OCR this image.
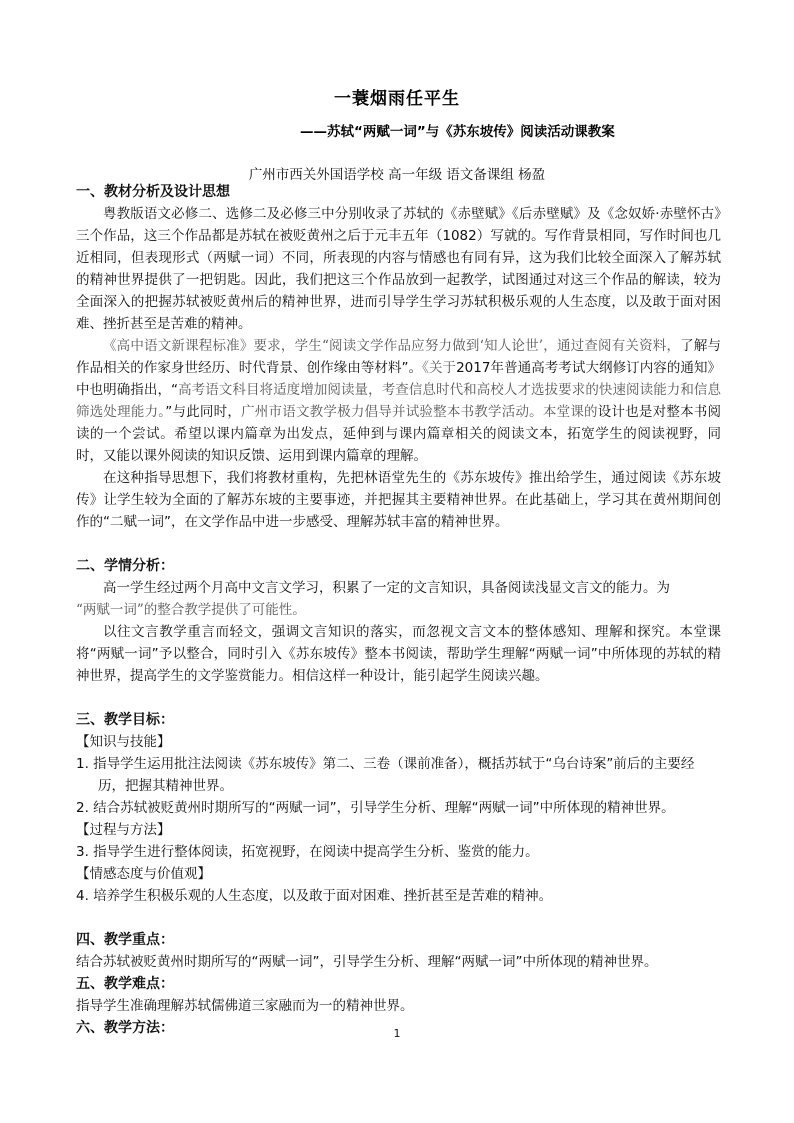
一蓑烟雨任平生
——苏轼“两赋一词”与《苏东坡传》阅读活动课教案
广州市西关外国语学校 高一年级 语文备课组 杨盈

一、教材分析及设计思想

粤教版语文必修二、选修二及必修三中分别收录了苏轼的《赤壁赋》《后赤壁赋》及《念奴娇·赤壁怀古》三个作品，这三个作品都是苏轼在被贬黄州之后于元丰五年（1082）写就的。写作背景相同，写作时间也几近相同，但表现形式（两赋一词）不同，所表现的内容与情感也有同有异，这为我们比较全面深入了解苏轼的精神世界提供了一把钥匙。因此，我们把这三个作品放到一起教学，试图通过对这三个作品的解读，较为全面深入的把握苏轼被贬黄州后的精神世界，进而引导学生学习苏轼积极乐观的人生态度，以及敢于面对困难、挫折甚至是苦难的精神。

《高中语文新课程标准》要求，学生“阅读文学作品应努力做到‘知人论世’，通过查阅有关资料，了解与作品相关的作家身世经历、时代背景、创作缘由等材料”。《关于2017年普通高考考试大纲修订内容的通知》中也明确指出，“高考语文科目将适度增加阅读量，考查信息时代和高校人才选拔要求的快速阅读能力和信息筛选处理能力。”与此同时，广州市语文教学极力倡导并试验整本书教学活动。本堂课的设计也是对整本书阅读的一个尝试。希望以课内篇章为出发点，延伸到与课内篇章相关的阅读文本，拓宽学生的阅读视野，同时，又能以课外阅读的知识反馈、运用到课内篇章的理解。

在这种指导思想下，我们将教材重构，先把林语堂先生的《苏东坡传》推出给学生，通过阅读《苏东坡传》让学生较为全面的了解苏东坡的主要事迹，并把握其主要精神世界。在此基础上，学习其在黄州期间创作的“二赋一词”，在文学作品中进一步感受、理解苏轼丰富的精神世界。

二、学情分析：

高一学生经过两个月高中文言文学习，积累了一定的文言知识，具备阅读浅显文言文的能力。为

“两赋一词”的整合教学提供了可能性。

以往文言教学重言而轻文，强调文言知识的落实，而忽视文言文本的整体感知、理解和探究。本堂课将“两赋一词”予以整合，同时引入《苏东坡传》整本书阅读，帮助学生理解“两赋一词”中所体现的苏轼的精神世界，提高学生的文学鉴赏能力。相信这样一种设计，能引起学生阅读兴趣。

三、教学目标：

【知识与技能】

1. 指导学生运用批注法阅读《苏东坡传》第二、三卷（课前准备），概括苏轼于“乌台诗案”前后的主要经历，把握其精神世界。

2. 结合苏轼被贬黄州时期所写的“两赋一词”，引导学生分析、理解“两赋一词”中所体现的精神世界。

【过程与方法】

3. 指导学生进行整体阅读，拓宽视野，在阅读中提高学生分析、鉴赏的能力。

【情感态度与价值观】

4. 培养学生积极乐观的人生态度，以及敢于面对困难、挫折甚至是苦难的精神。

四、教学重点：

结合苏轼被贬黄州时期所写的“两赋一词”，引导学生分析、理解“两赋一词”中所体现的精神世界。

五、教学难点：

指导学生准确理解苏轼儒佛道三家融而为一的精神世界。

六、教学方法：	1
